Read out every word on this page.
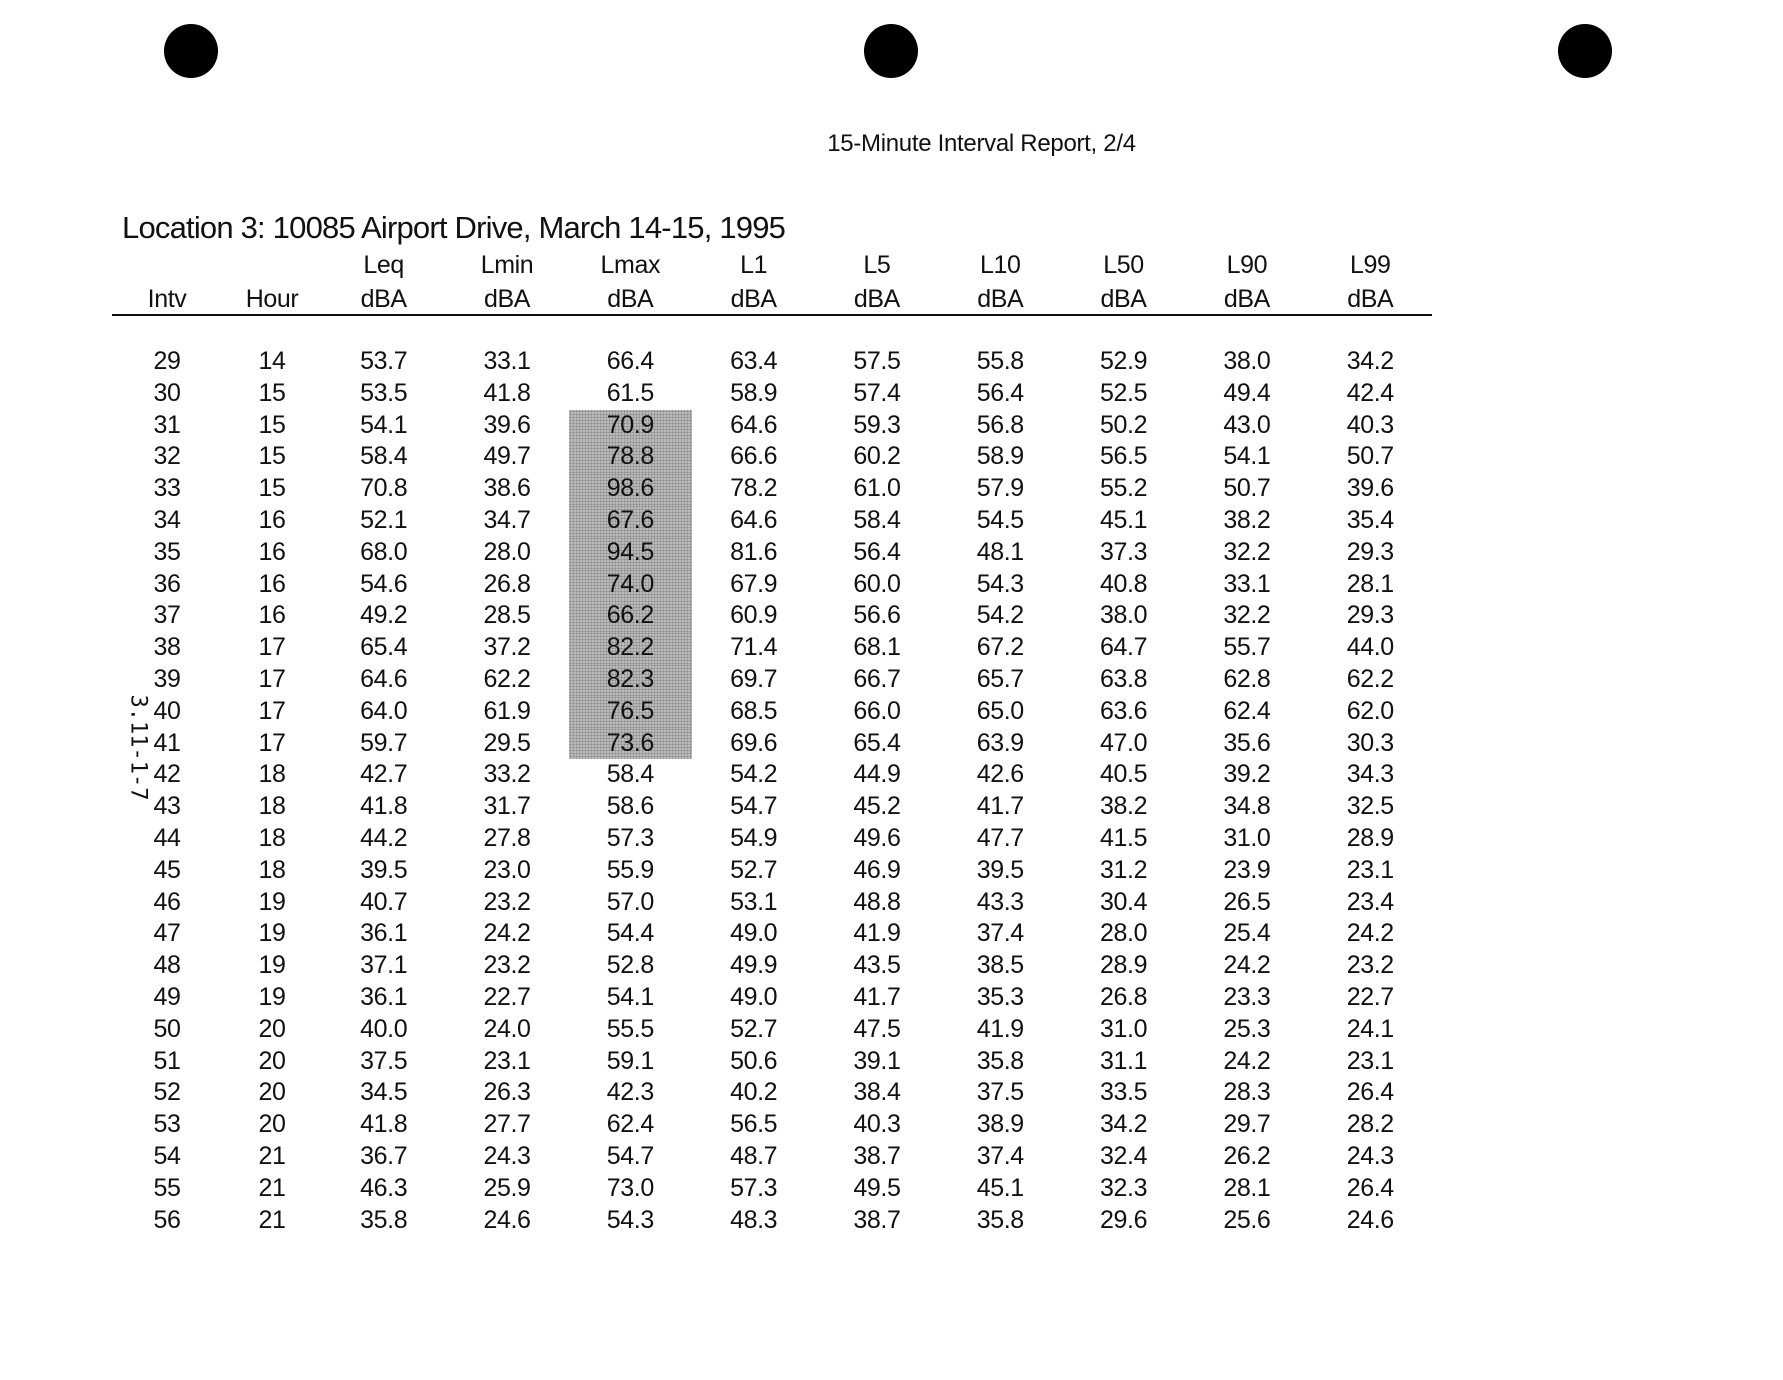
15-Minute Interval Report, 2/4
Location 3: 10085 Airport Drive, March 14-15, 1995
3.11-1-7
		Leq	Lmin	Lmax	L1	L5	L10	L50	L90	L99
Intv	Hour	dBA	dBA	dBA	dBA	dBA	dBA	dBA	dBA	dBA

29	14	53.7	33.1	66.4	63.4	57.5	55.8	52.9	38.0	34.2
30	15	53.5	41.8	61.5	58.9	57.4	56.4	52.5	49.4	42.4
31	15	54.1	39.6	70.9	64.6	59.3	56.8	50.2	43.0	40.3
32	15	58.4	49.7	78.8	66.6	60.2	58.9	56.5	54.1	50.7
33	15	70.8	38.6	98.6	78.2	61.0	57.9	55.2	50.7	39.6
34	16	52.1	34.7	67.6	64.6	58.4	54.5	45.1	38.2	35.4
35	16	68.0	28.0	94.5	81.6	56.4	48.1	37.3	32.2	29.3
36	16	54.6	26.8	74.0	67.9	60.0	54.3	40.8	33.1	28.1
37	16	49.2	28.5	66.2	60.9	56.6	54.2	38.0	32.2	29.3
38	17	65.4	37.2	82.2	71.4	68.1	67.2	64.7	55.7	44.0
39	17	64.6	62.2	82.3	69.7	66.7	65.7	63.8	62.8	62.2
40	17	64.0	61.9	76.5	68.5	66.0	65.0	63.6	62.4	62.0
41	17	59.7	29.5	73.6	69.6	65.4	63.9	47.0	35.6	30.3
42	18	42.7	33.2	58.4	54.2	44.9	42.6	40.5	39.2	34.3
43	18	41.8	31.7	58.6	54.7	45.2	41.7	38.2	34.8	32.5
44	18	44.2	27.8	57.3	54.9	49.6	47.7	41.5	31.0	28.9
45	18	39.5	23.0	55.9	52.7	46.9	39.5	31.2	23.9	23.1
46	19	40.7	23.2	57.0	53.1	48.8	43.3	30.4	26.5	23.4
47	19	36.1	24.2	54.4	49.0	41.9	37.4	28.0	25.4	24.2
48	19	37.1	23.2	52.8	49.9	43.5	38.5	28.9	24.2	23.2
49	19	36.1	22.7	54.1	49.0	41.7	35.3	26.8	23.3	22.7
50	20	40.0	24.0	55.5	52.7	47.5	41.9	31.0	25.3	24.1
51	20	37.5	23.1	59.1	50.6	39.1	35.8	31.1	24.2	23.1
52	20	34.5	26.3	42.3	40.2	38.4	37.5	33.5	28.3	26.4
53	20	41.8	27.7	62.4	56.5	40.3	38.9	34.2	29.7	28.2
54	21	36.7	24.3	54.7	48.7	38.7	37.4	32.4	26.2	24.3
55	21	46.3	25.9	73.0	57.3	49.5	45.1	32.3	28.1	26.4
56	21	35.8	24.6	54.3	48.3	38.7	35.8	29.6	25.6	24.6
